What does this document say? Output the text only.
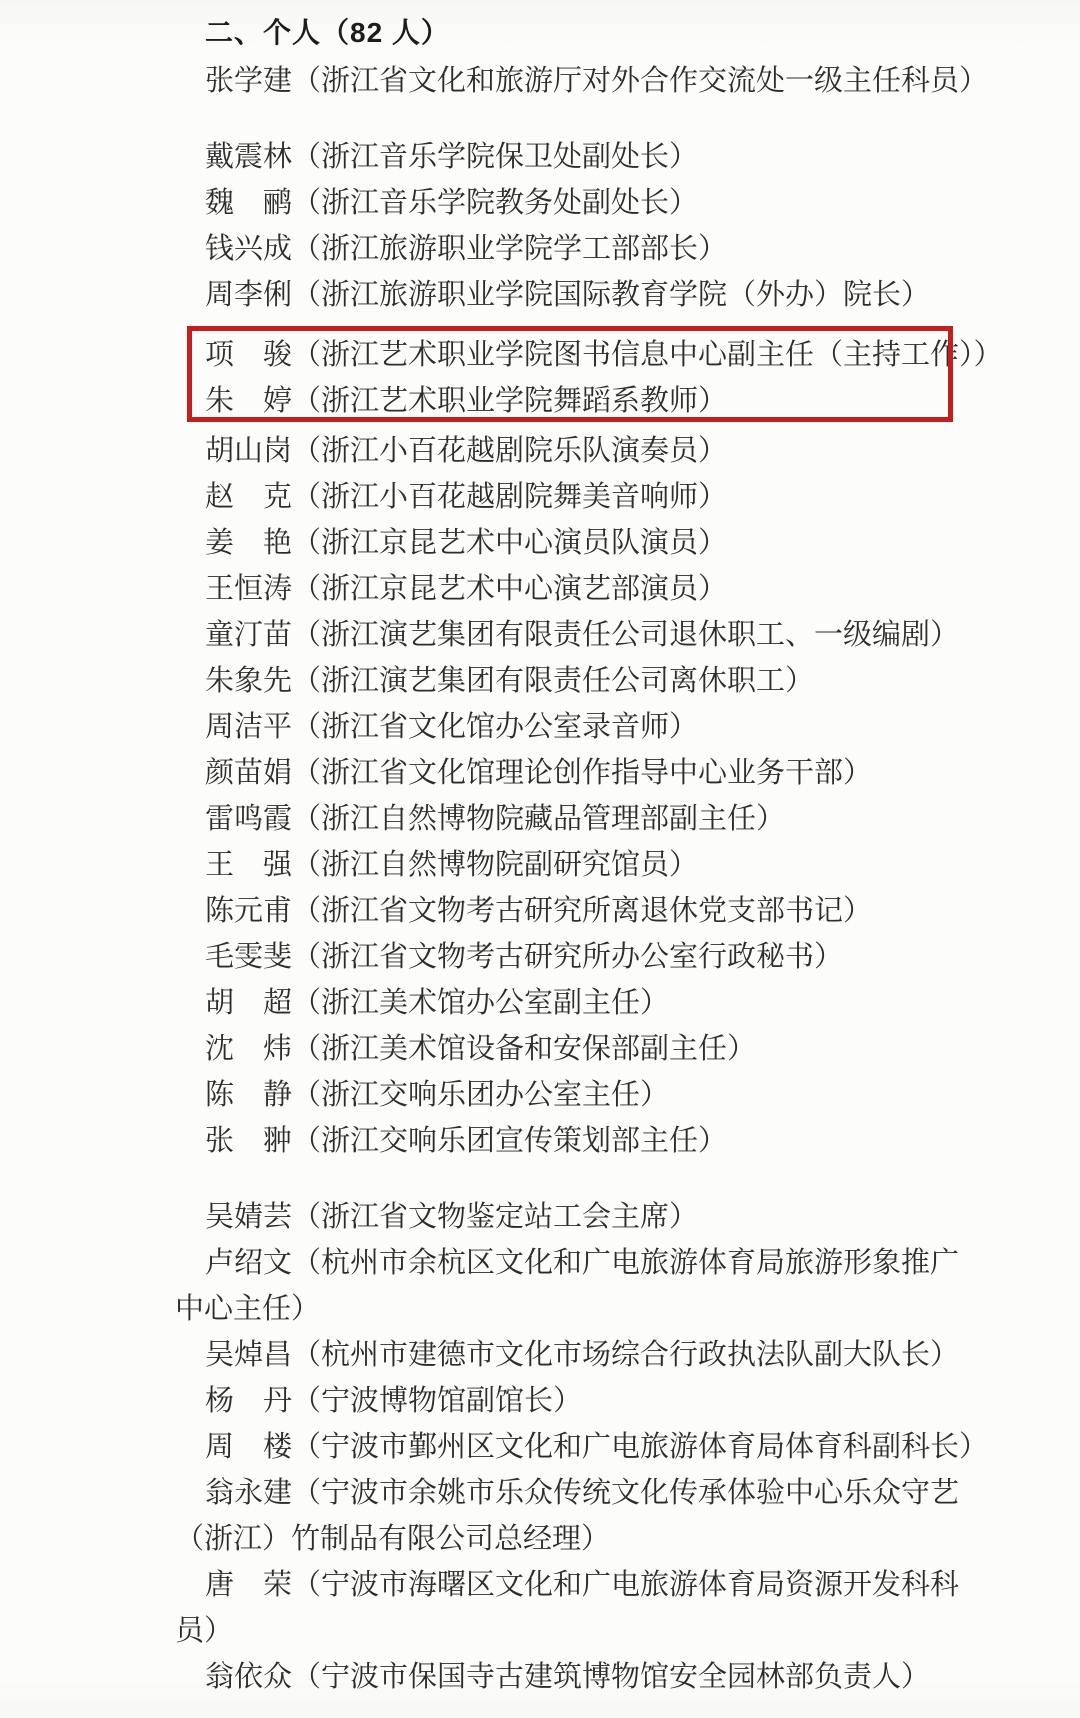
二、个人（82 人）

张学建（浙江省文化和旅游厅对外合作交流处一级主任科员）

戴震林（浙江音乐学院保卫处副处长）

魏　鹂（浙江音乐学院教务处副处长）

钱兴成（浙江旅游职业学院学工部部长）

周李俐（浙江旅游职业学院国际教育学院（外办）院长）

项　骏（浙江艺术职业学院图书信息中心副主任（主持工作））

朱　婷（浙江艺术职业学院舞蹈系教师）

胡山岗（浙江小百花越剧院乐队演奏员）

赵　克（浙江小百花越剧院舞美音响师）

姜　艳（浙江京昆艺术中心演员队演员）

王恒涛（浙江京昆艺术中心演艺部演员）

童汀苗（浙江演艺集团有限责任公司退休职工、一级编剧）

朱象先（浙江演艺集团有限责任公司离休职工）

周洁平（浙江省文化馆办公室录音师）

颜苗娟（浙江省文化馆理论创作指导中心业务干部）

雷鸣霞（浙江自然博物院藏品管理部副主任）

王　强（浙江自然博物院副研究馆员）

陈元甫（浙江省文物考古研究所离退休党支部书记）

毛雯斐（浙江省文物考古研究所办公室行政秘书）

胡　超（浙江美术馆办公室副主任）

沈　炜（浙江美术馆设备和安保部副主任）

陈　静（浙江交响乐团办公室主任）

张　翀（浙江交响乐团宣传策划部主任）

吴婧芸（浙江省文物鉴定站工会主席）

卢绍文（杭州市余杭区文化和广电旅游体育局旅游形象推广
中心主任）

吴焯昌（杭州市建德市文化市场综合行政执法队副大队长）

杨　丹（宁波博物馆副馆长）

周　楼（宁波市鄞州区文化和广电旅游体育局体育科副科长）

翁永建（宁波市余姚市乐众传统文化传承体验中心乐众守艺
（浙江）竹制品有限公司总经理）

唐　荣（宁波市海曙区文化和广电旅游体育局资源开发科科
员）

翁依众（宁波市保国寺古建筑博物馆安全园林部负责人）
